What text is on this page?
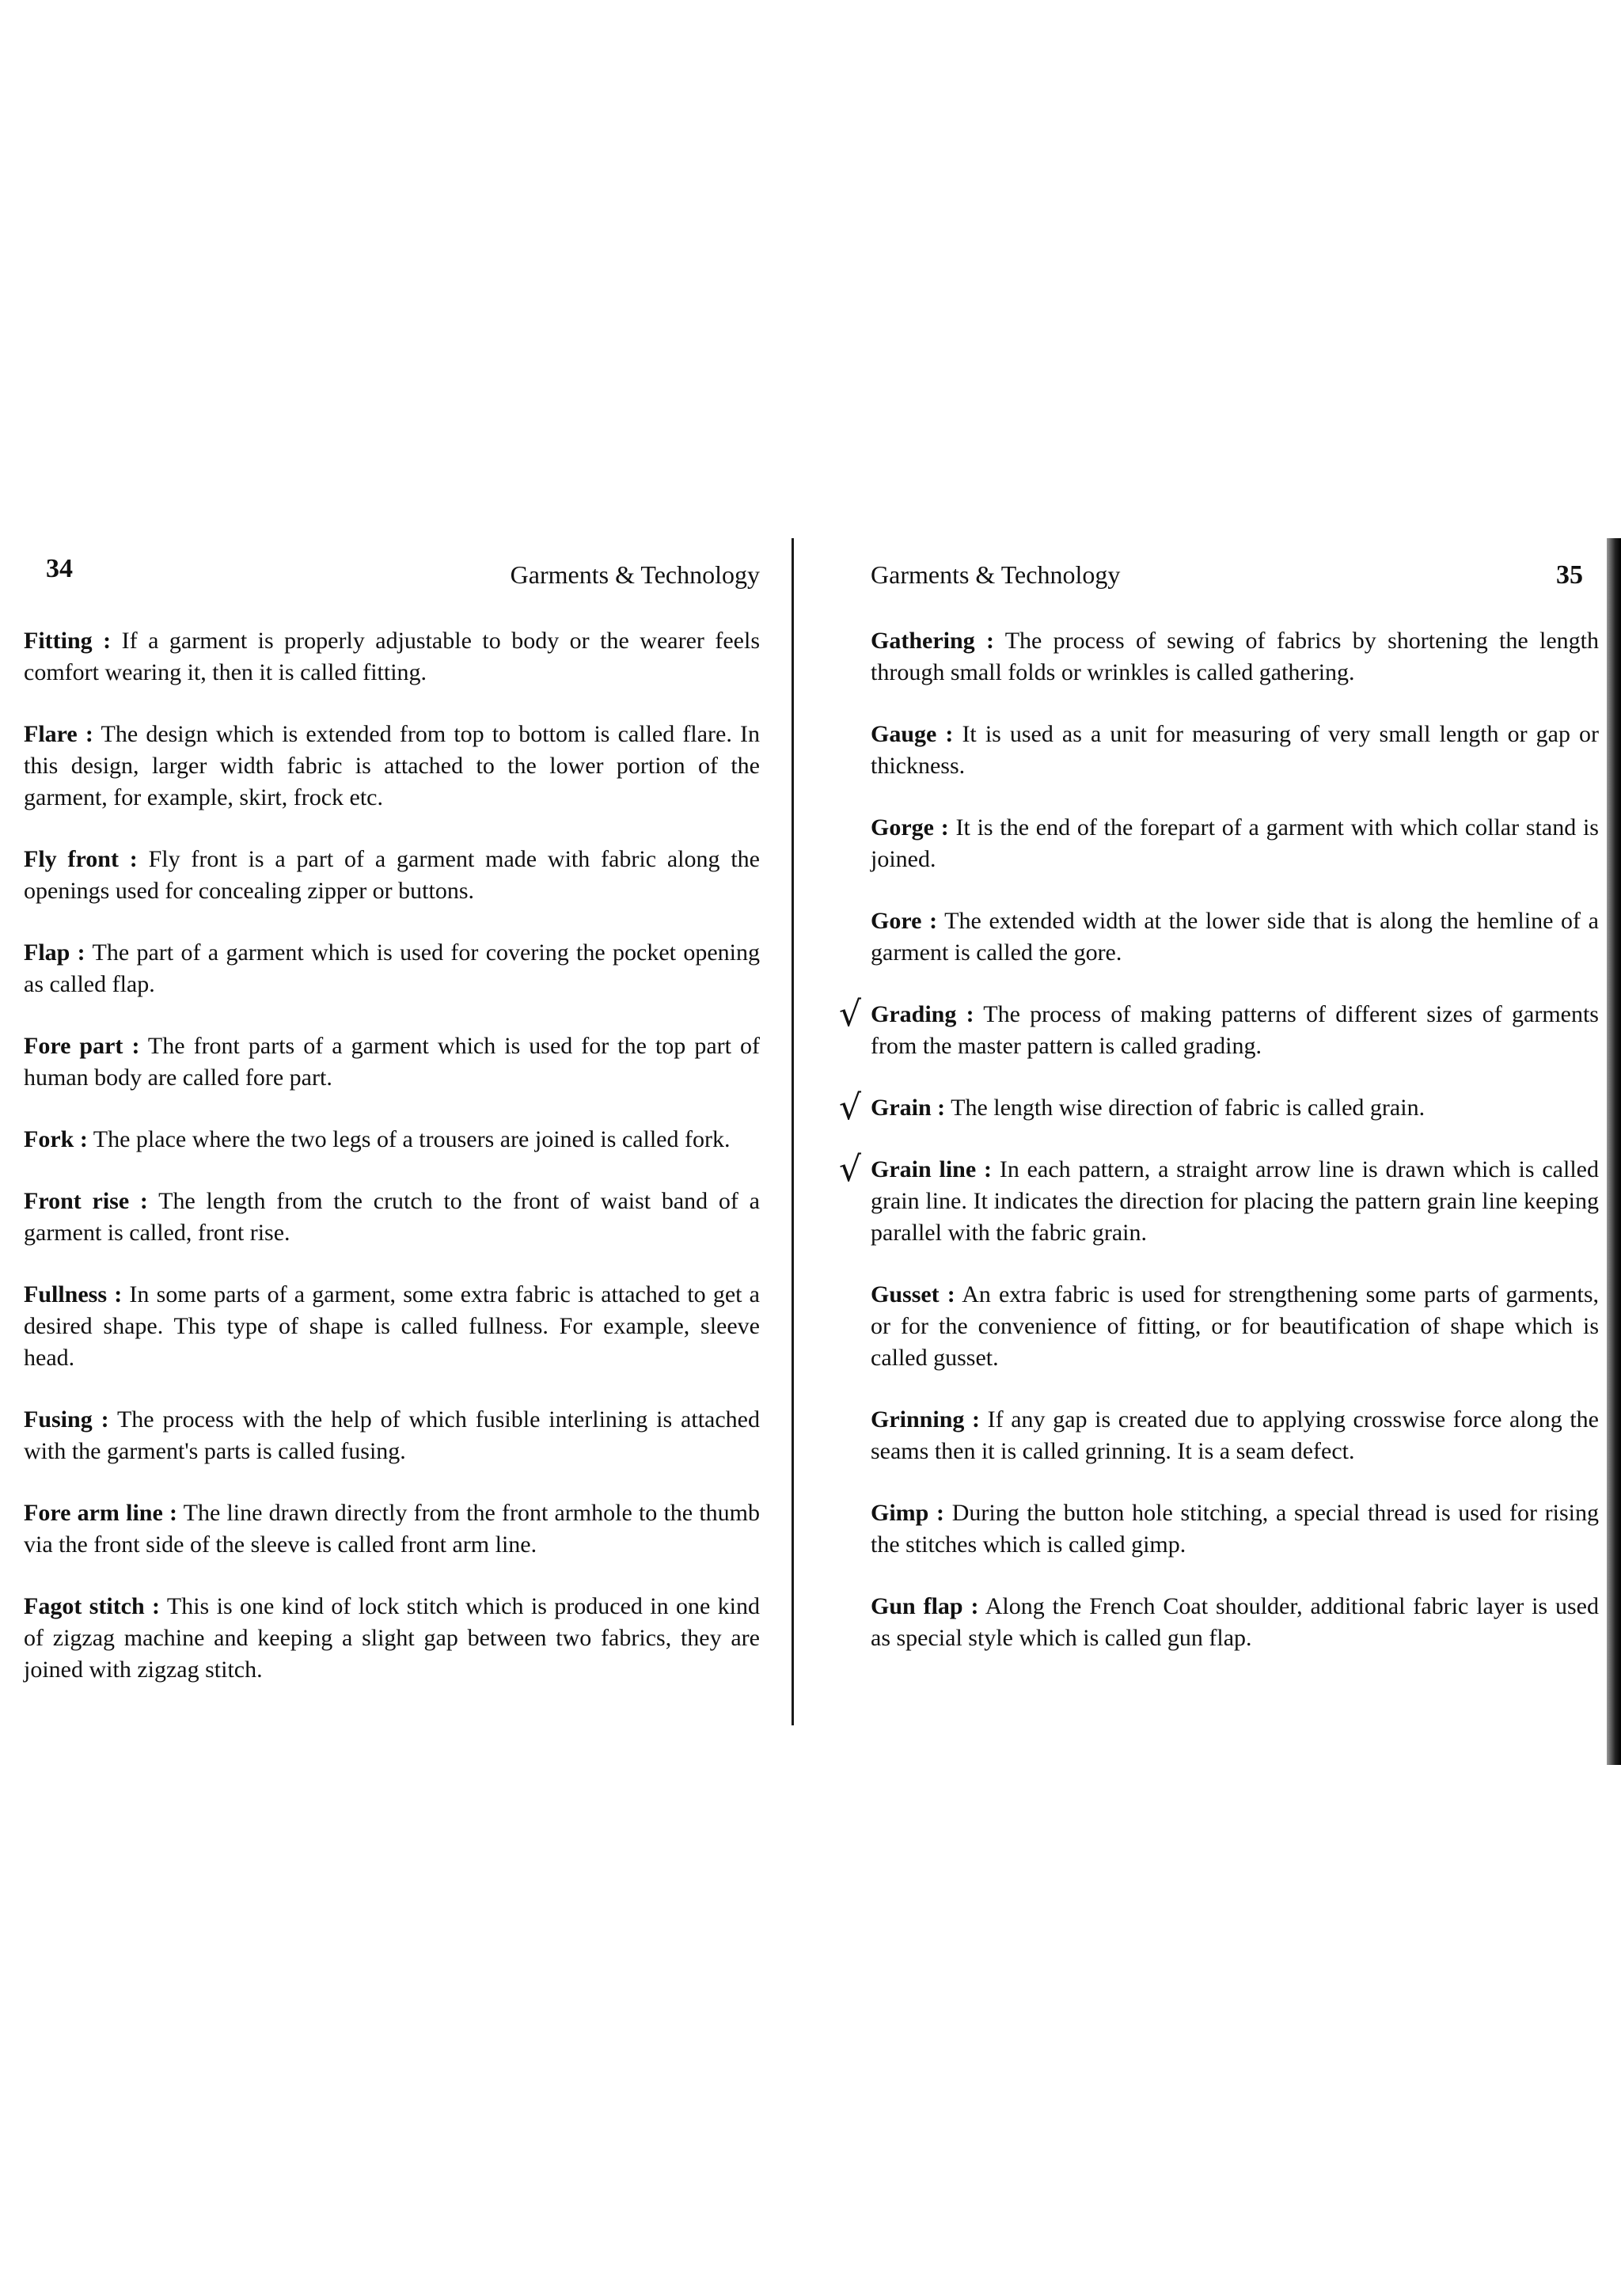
34	Garments & Technology

Fitting : If a garment is properly adjustable to body or the wearer feels comfort wearing it, then it is called fitting.

Flare : The design which is extended from top to bottom is called flare. In this design, larger width fabric is attached to the lower portion of the garment, for example, skirt, frock etc.

Fly front : Fly front is a part of a garment made with fabric along the openings used for concealing zipper or buttons.

Flap : The part of a garment which is used for covering the pocket opening as called flap.

Fore part : The front parts of a garment which is used for the top part of human body are called fore part.

Fork : The place where the two legs of a trousers are joined is called fork.

Front rise : The length from the crutch to the front of waist band of a garment is called, front rise.

Fullness : In some parts of a garment, some extra fabric is attached to get a desired shape. This type of shape is called fullness. For example, sleeve head.

Fusing : The process with the help of which fusible interlining is attached with the garment's parts is called fusing.

Fore arm line : The line drawn directly from the front armhole to the thumb via the front side of the sleeve is called front arm line.

Fagot stitch : This is one kind of lock stitch which is produced in one kind of zigzag machine and keeping a slight gap between two fabrics, they are joined with zigzag stitch.

Garments & Technology	35

Gathering : The process of sewing of fabrics by shortening the length through small folds or wrinkles is called gathering.

Gauge : It is used as a unit for measuring of very small length or gap or thickness.

Gorge : It is the end of the forepart of a garment with which collar stand is joined.

Gore : The extended width at the lower side that is along the hemline of a garment is called the gore.

√ Grading : The process of making patterns of different sizes of garments from the master pattern is called grading.

√ Grain : The length wise direction of fabric is called grain.

√ Grain line : In each pattern, a straight arrow line is drawn which is called grain line. It indicates the direction for placing the pattern grain line keeping parallel with the fabric grain.

Gusset : An extra fabric is used for strengthening some parts of garments, or for the convenience of fitting, or for beautification of shape which is called gusset.

Grinning : If any gap is created due to applying crosswise force along the seams then it is called grinning. It is a seam defect.

Gimp : During the button hole stitching, a special thread is used for rising the stitches which is called gimp.

Gun flap : Along the French Coat shoulder, additional fabric layer is used as special style which is called gun flap.
